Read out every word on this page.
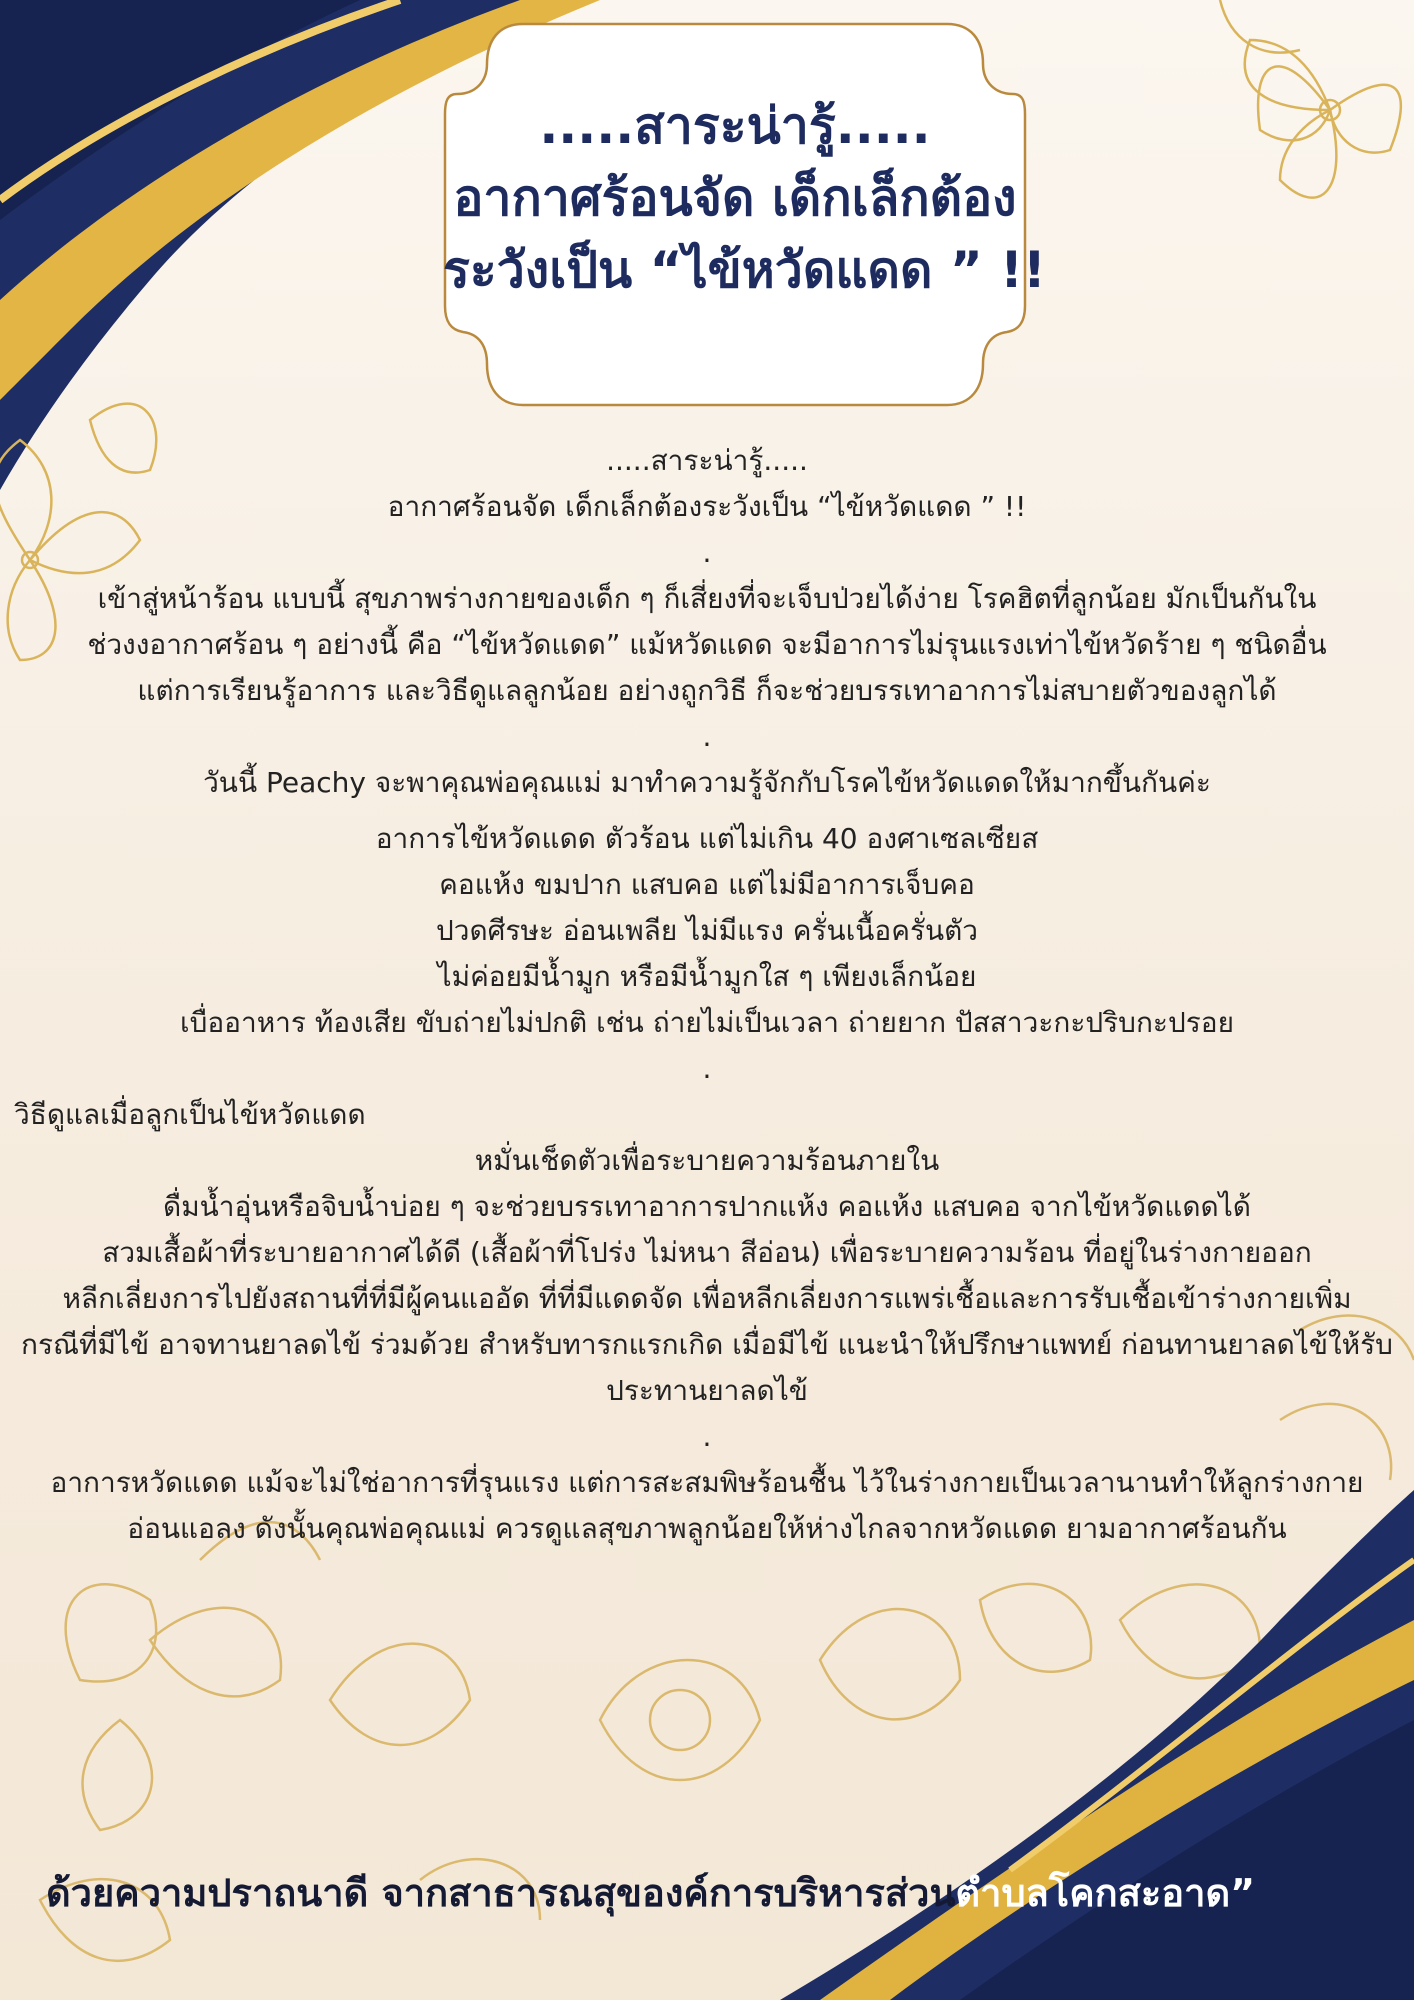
.....สาระน่ารู้.....
อากาศร้อนจัด เด็กเล็กต้อง
ระวังเป็น “ไข้หวัดแดด ” !!

.....สาระน่ารู้.....

อากาศร้อนจัด เด็กเล็กต้องระวังเป็น “ไข้หวัดแดด ” !!

.

เข้าสู่หน้าร้อน แบบนี้ สุขภาพร่างกายของเด็ก ๆ ก็เสี่ยงที่จะเจ็บป่วยได้ง่าย โรคฮิตที่ลูกน้อย มักเป็นกันใน

ช่วงงอากาศร้อน ๆ อย่างนี้ คือ “ไข้หวัดแดด” แม้หวัดแดด จะมีอาการไม่รุนแรงเท่าไข้หวัดร้าย ๆ ชนิดอื่น

แต่การเรียนรู้อาการ และวิธีดูแลลูกน้อย อย่างถูกวิธี ก็จะช่วยบรรเทาอาการไม่สบายตัวของลูกได้

.

วันนี้ Peachy จะพาคุณพ่อคุณแม่ มาทำความรู้จักกับโรคไข้หวัดแดดให้มากขึ้นกันค่ะ

อาการไข้หวัดแดด ตัวร้อน แต่ไม่เกิน 40 องศาเซลเซียส

คอแห้ง ขมปาก แสบคอ แต่ไม่มีอาการเจ็บคอ

ปวดศีรษะ อ่อนเพลีย ไม่มีแรง ครั่นเนื้อครั่นตัว

ไม่ค่อยมีน้ำมูก หรือมีน้ำมูกใส ๆ เพียงเล็กน้อย

เบื่ออาหาร ท้องเสีย ขับถ่ายไม่ปกติ เช่น ถ่ายไม่เป็นเวลา ถ่ายยาก ปัสสาวะกะปริบกะปรอย

.

วิธีดูแลเมื่อลูกเป็นไข้หวัดแดด

หมั่นเช็ดตัวเพื่อระบายความร้อนภายใน

ดื่มน้ำอุ่นหรือจิบน้ำบ่อย ๆ จะช่วยบรรเทาอาการปากแห้ง คอแห้ง แสบคอ จากไข้หวัดแดดได้

สวมเสื้อผ้าที่ระบายอากาศได้ดี (เสื้อผ้าที่โปร่ง ไม่หนา สีอ่อน) เพื่อระบายความร้อน ที่อยู่ในร่างกายออก

หลีกเลี่ยงการไปยังสถานที่ที่มีผู้คนแออัด ที่ที่มีแดดจัด เพื่อหลีกเลี่ยงการแพร่เชื้อและการรับเชื้อเข้าร่างกายเพิ่ม

กรณีที่มีไข้ อาจทานยาลดไข้ ร่วมด้วย สำหรับทารกแรกเกิด เมื่อมีไข้ แนะนำให้ปรึกษาแพทย์ ก่อนทานยาลดไข้ให้รับ

ประทานยาลดไข้

.

อาการหวัดแดด แม้จะไม่ใช่อาการที่รุนแรง แต่การสะสมพิษร้อนชื้น ไว้ในร่างกายเป็นเวลานานทำให้ลูกร่างกาย

อ่อนแอลง ดังนั้นคุณพ่อคุณแม่ ควรดูแลสุขภาพลูกน้อยให้ห่างไกลจากหวัดแดด ยามอากาศร้อนกัน

ด้วยความปราถนาดี จากสาธารณสุของค์การบริหารส่วนตำบลโคกสะอาด”
